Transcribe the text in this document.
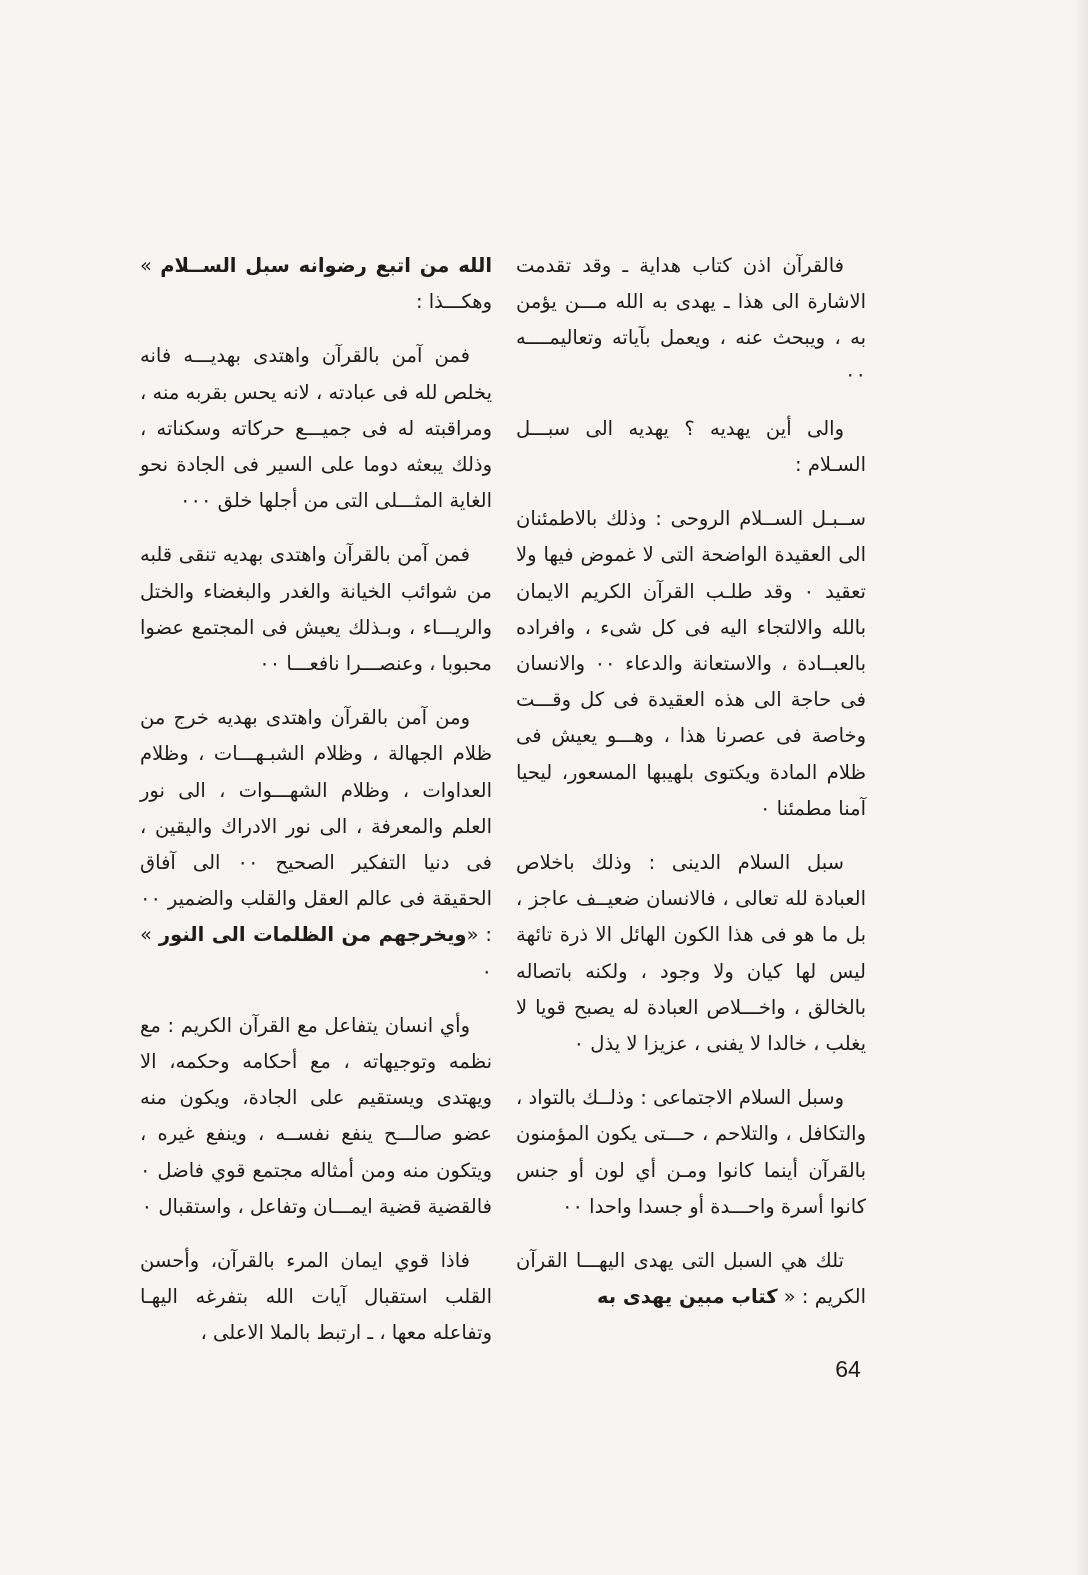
فالقرآن اذن كتاب هداية ـ وقد تقدمت الاشارة الى هذا ـ يهدى به الله مـــن يؤمن به ، ويبحث عنه ، ويعمل بآياته وتعاليمــــه ٠٠

والى أين يهديه ؟ يهديه الى سبـــل السـلام :

ســبـل الســلام الروحى : وذلك بالاطمئنان الى العقيدة الواضحة التى لا غموض فيها ولا تعقيد ٠ وقد طلـب القرآن الكريم الايمان بالله والالتجاء اليه فى كل شىء ، وافراده بالعبــادة ، والاستعانة والدعاء ٠٠ والانسان فى حاجة الى هذه العقيدة فى كل وقـــت وخاصة فى عصرنا هذا ، وهـــو يعيش فى ظلام المادة ويكتوى بلهيبها المسعور، ليحيا آمنا مطمئنا ٠

سبل السلام الدينى : وذلك باخلاص العبادة لله تعالى ، فالانسان ضعيــف عاجز ، بل ما هو فى هذا الكون الهائل الا ذرة تائهة ليس لها كيان ولا وجود ، ولكنه باتصاله بالخالق ، واخـــلاص العبادة له يصبح قويا لا يغلب ، خالدا لا يفنى ، عزيزا لا يذل ٠

وسبل السلام الاجتماعى : وذلــك بالتواد ، والتكافل ، والتلاحم ، حـــتى يكون المؤمنون بالقرآن أينما كانوا ومـن أي لون أو جنس كانوا أسرة واحـــدة أو جسدا واحدا ٠٠

تلك هي السبل التى يهدى اليهـــا القرآن الكريم : « كتاب مبين يهدى به

الله من اتبع رضوانه سبل الســلام » وهكـــذا :

فمن آمن بالقرآن واهتدى بهديـــه فانه يخلص لله فى عبادته ، لانه يحس بقربه منه ، ومراقبته له فى جميـــع حركاته وسكناته ، وذلك يبعثه دوما على السير فى الجادة نحو الغاية المثـــلى التى من أجلها خلق ٠٠٠

فمن آمن بالقرآن واهتدى بهديه تنقى قلبه من شوائب الخيانة والغدر والبغضاء والختل والريـــاء ، وبـذلك يعيش فى المجتمع عضوا محبوبا ، وعنصـــرا نافعـــا ٠٠

ومن آمن بالقرآن واهتدى بهديه خرج من ظلام الجهالة ، وظلام الشبـهـــات ، وظلام العداوات ، وظلام الشهـــوات ، الى نور العلم والمعرفة ، الى نور الادراك واليقين ، فى دنيا التفكير الصحيح ٠٠ الى آفاق الحقيقة فى عالم العقل والقلب والضمير ٠٠ : «ويخرجهم من الظلمات الى النور » ٠

وأي انسان يتفاعل مع القرآن الكريم : مع نظمه وتوجيهاته ، مع أحكامه وحكمه، الا ويهتدى ويستقيم على الجادة، ويكون منه عضو صالـــح ينفع نفســه ، وينفع غيره ، ويتكون منه ومن أمثاله مجتمع قوي فاضل ٠ فالقضية قضية ايمـــان وتفاعل ، واستقبال ٠

فاذا قوي ايمان المرء بالقرآن، وأحسن القلب استقبال آيات الله بتفرغه اليهـا وتفاعله معها ، ـ ارتبط بالملا الاعلى ،

64
